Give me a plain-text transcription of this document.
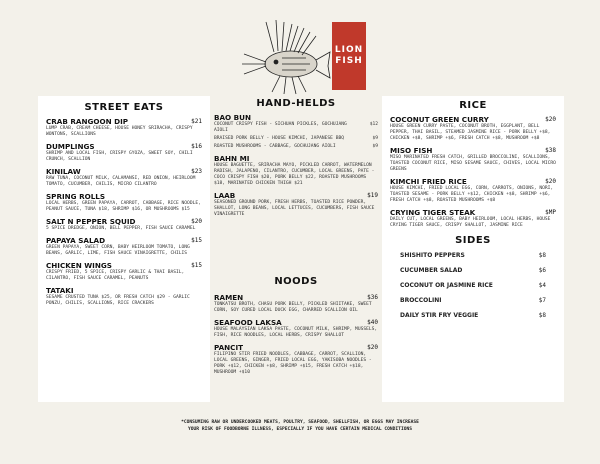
LION
FISH
STREET EATS
CRAB RANGOON DIP	$21
LUMP CRAB, CREAM CHEESE, HOUSE HONEY SRIRACHA, CRISPY WONTONS, SCALLIONS
DUMPLINGS	$16
SHRIMP AND LOCAL FISH, CRISPY GYOZA, SWEET SOY, CHILI CRUNCH, SCALLION
KINILAW	$23
RAW TUNA, COCONUT MILK, CALAMANSI, RED ONION, HEIRLOOM TOMATO, CUCUMBER, CHILIS, MICRO CILANTRO
SPRING ROLLS
LOCAL HERBS, GREEN PAPAYA, CARROT, CABBAGE, RICE NOODLE, PEANUT SAUCE, TUNA $18, SHRIMP $16, OR MUSHROOMS $15
SALT N PEPPER SQUID	$20
5 SPICE DREDGE, ONION, BELL PEPPER, FISH SAUCE CARAMEL
PAPAYA SALAD	$15
GREEN PAPAYA, SWEET CORN, BABY HEIRLOOM TOMATO, LONG BEANS, GARLIC, LIME, FISH SAUCE VINAIGRETTE, CHILIS
CHICKEN WINGS	$15
CRISPY FRIED, 5 SPICE, CRISPY GARLIC & THAI BASIL, CILANTRO, FISH SAUCE CARAMEL, PEANUTS
TATAKI
SESAME CRUSTED TUNA $25, OR FRESH CATCH $29 - GARLIC PONZU, CHILIS, SCALLIONS, RICE CRACKERS
HAND-HELDS
BAO BUN
COCONUT CRISPY FISH - SICHUAN PICKLES, GOCHUJANG AIOLI
$12
BRAISED PORK BELLY - HOUSE KIMCHI, JAPANESE BBQ	$9
ROASTED MUSHROOMS - CABBAGE, GOCHUJANG AIOLI	$9
BAHN MI
HOUSE BAGUETTE, SRIRACHA MAYO, PICKLED CARROT, WATERMELON RADISH, JALAPENO, CILANTRO, CUCUMBER, LOCAL GREENS, PATE - COCO CRISPY FISH $20, PORK BELLY $22, ROASTED MUSHROOMS $18, MARINATED CHICKEN THIGH $21
LAAB	$19
SEASONED GROUND PORK, FRESH HERBS, TOASTED RICE POWDER, SHALLOT, LONG BEANS, LOCAL LETTUCES, CUCUMBERS, FISH SAUCE VINAIGRETTE
NOODS
RAMEN	$36
TONKATSU BROTH, CHASU PORK BELLY, PICKLED SHIITAKE, SWEET CORN, SOY CURED LOCAL DUCK EGG, CHARRED SCALLION OIL
SEAFOOD LAKSA	$40
HOUSE MALAYSIAN LAKSA PASTE, COCONUT MILK, SHRIMP, MUSSELS, FISH, RICE NOODLES, LOCAL HERBS, CRISPY SHALLOT
PANCIT	$20
FILIPINO STIR FRIED NOODLES, CABBAGE, CARROT, SCALLION, LOCAL GREENS, GINGER, FRIED LOCAL EGG, YAKISOBA NOODLES - PORK +$12, CHICKEN +$8, SHRIMP +$15, FRESH CATCH +$18, MUSHROOM +$10
RICE
COCONUT GREEN CURRY	$20
HOUSE GREEN CURRY PASTE, COCONUT BROTH, EGGPLANT, BELL PEPPER, THAI BASIL, STEAMED JASMINE RICE - PORK BELLY +$8, CHICKEN +$8, SHRIMP +$6, FRESH CATCH +$8, MUSHROOM +$8
MISO FISH	$38
MISO MARINATED FRESH CATCH, GRILLED BROCCOLINI, SCALLIONS, TOASTED COCONUT RICE, MISO SESAME SAUCE, CHIVES, LOCAL MICRO GREENS
KIMCHI FRIED RICE	$20
HOUSE KIMCHI, FRIED LOCAL EGG, CORN, CARROTS, ONIONS, NORI, TOASTED SESAME - PORK BELLY +$12, CHICKEN +$8, SHRIMP +$6, FRESH CATCH +$8, ROASTED MUSHROOMS +$8
CRYING TIGER STEAK	$MP
DAILY CUT, LOCAL GREENS, BABY HEIRLOOM, LOCAL HERBS, HOUSE CRYING TIGER SAUCE, CRISPY SHALLOT, JASMINE RICE
SIDES
SHISHITO PEPPERS	$8
CUCUMBER SALAD	$6
COCONUT OR JASMINE RICE	$4
BROCCOLINI	$7
DAILY STIR FRY VEGGIE	$8
*CONSUMING RAW OR UNDERCOOKED MEATS, POULTRY, SEAFOOD, SHELLFISH, OR EGGS MAY INCREASE
YOUR RISK OF FOODBORNE ILLNESS, ESPECIALLY IF YOU HAVE CERTAIN MEDICAL CONDITIONS
